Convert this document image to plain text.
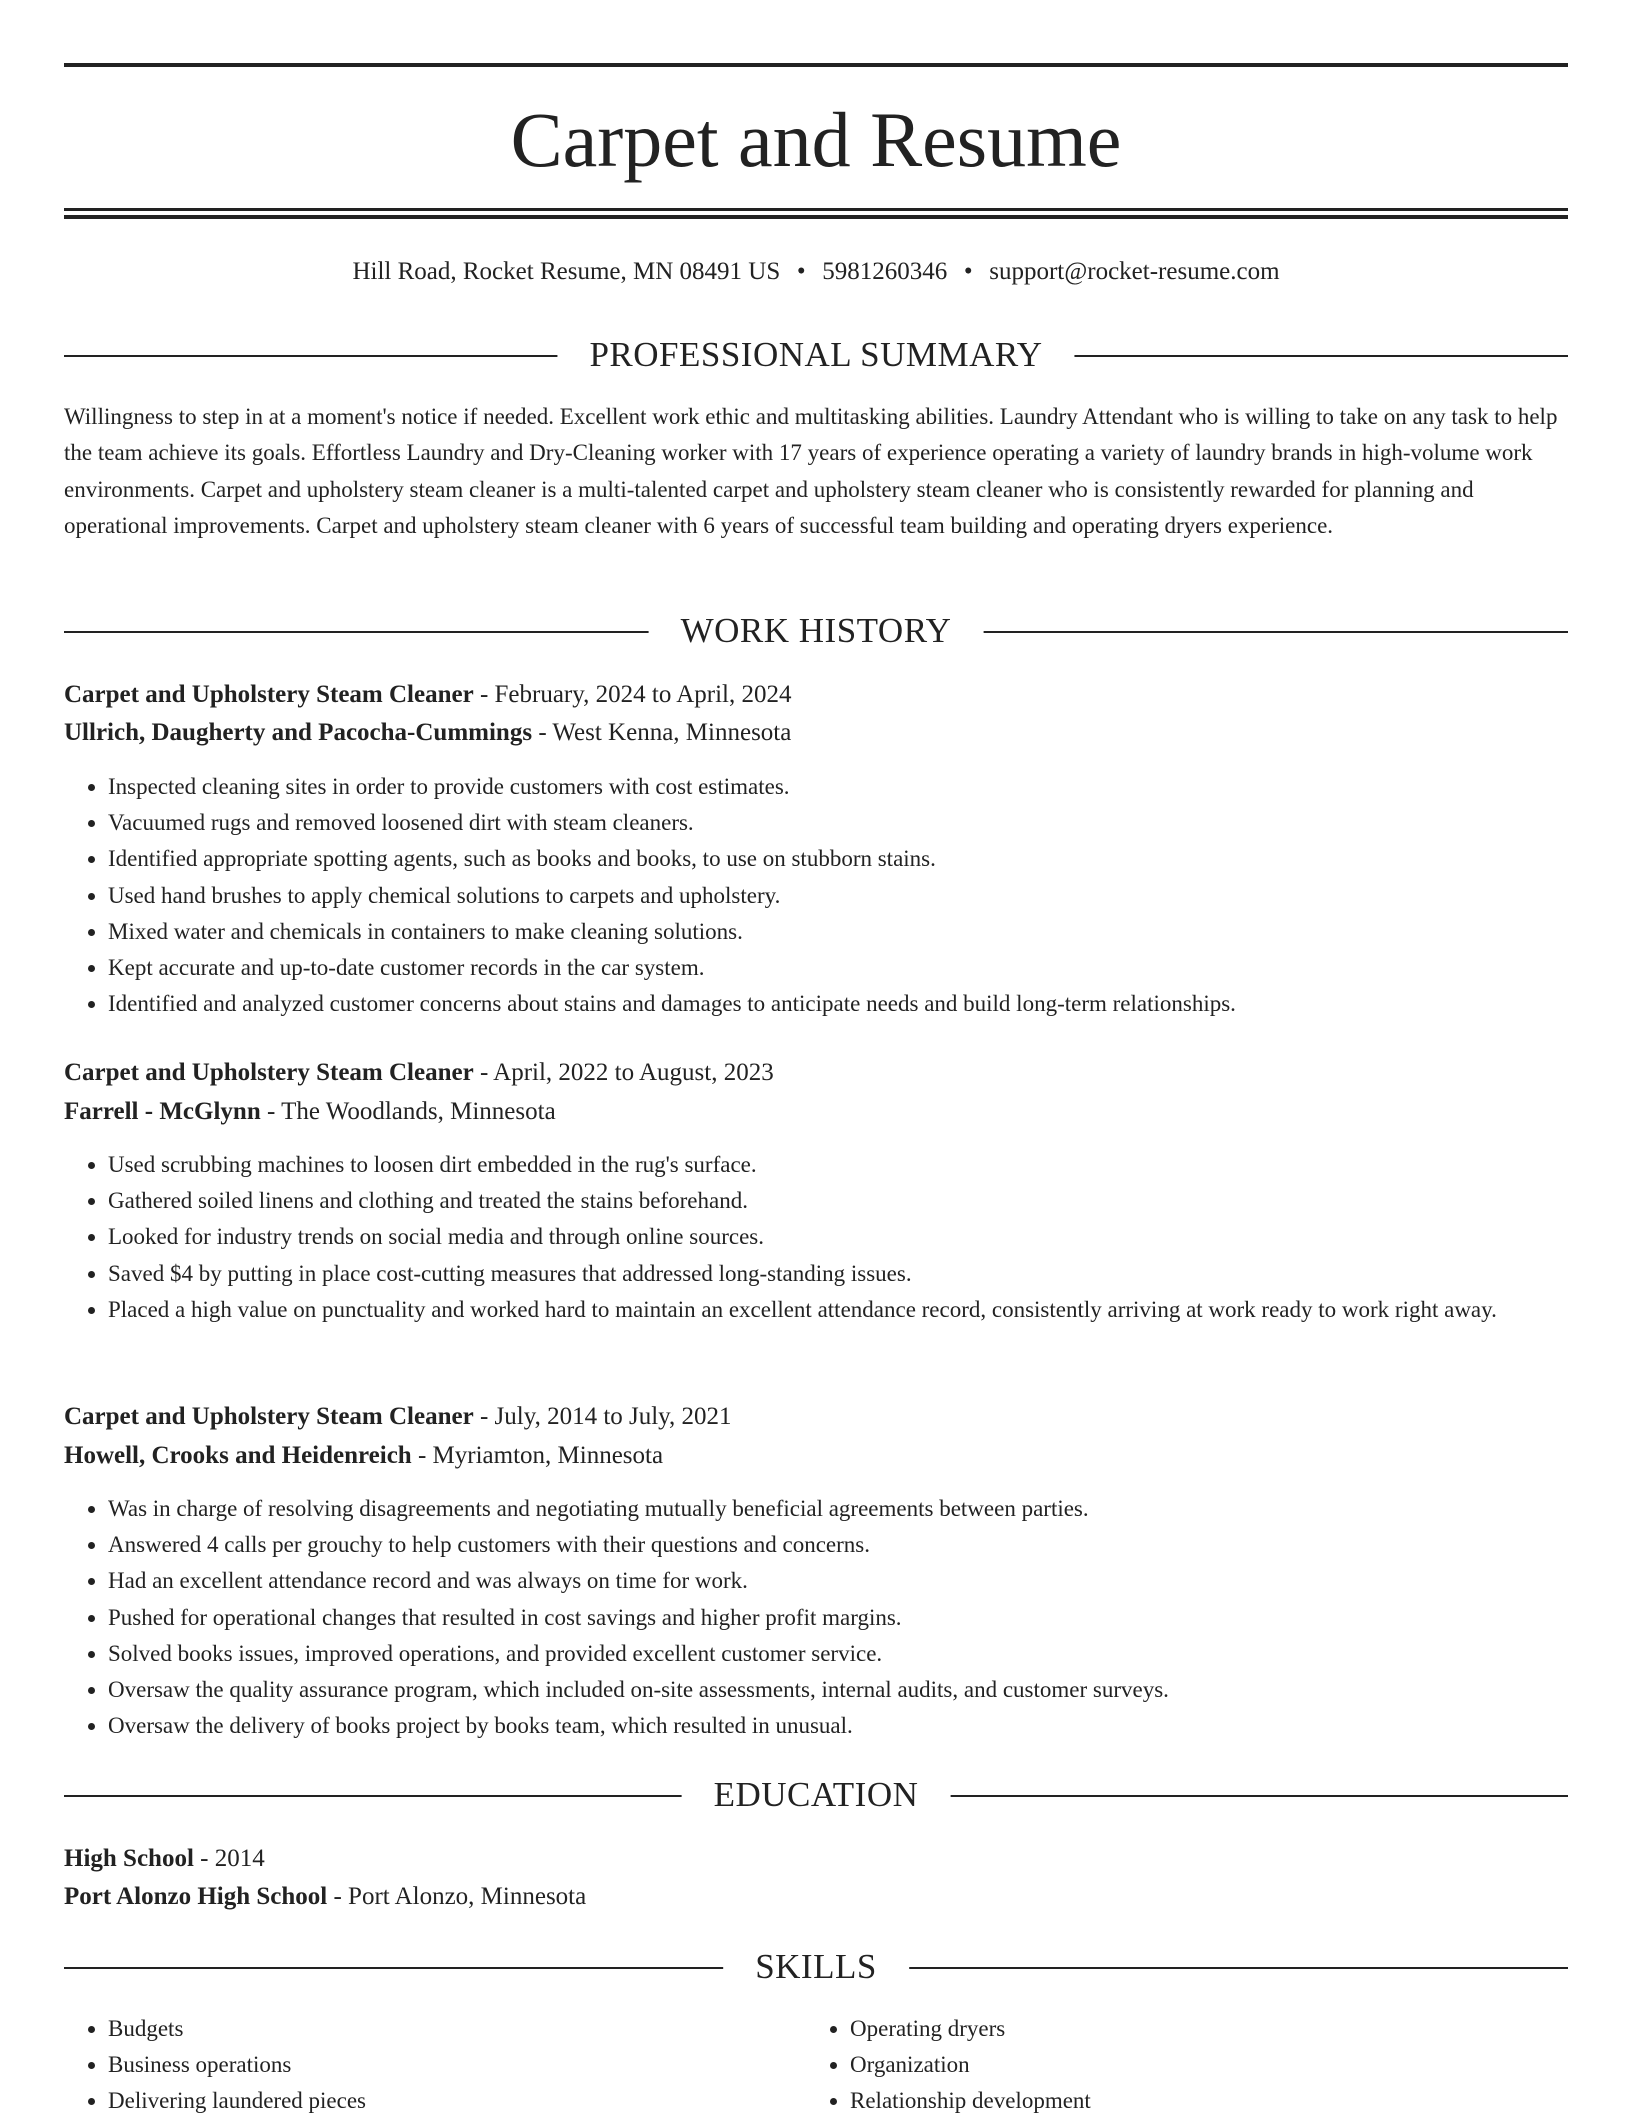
Carpet and Resume
Hill Road, Rocket Resume, MN 08491 US • 5981260346 • support@rocket-resume.com
PROFESSIONAL SUMMARY

Willingness to step in at a moment's notice if needed. Excellent work ethic and multitasking abilities. Laundry Attendant who is willing to take on any task to help the team achieve its goals. Effortless Laundry and Dry-Cleaning worker with 17 years of experience operating a variety of laundry brands in high-volume work environments. Carpet and upholstery steam cleaner is a multi-talented carpet and upholstery steam cleaner who is consistently rewarded for planning and operational improvements. Carpet and upholstery steam cleaner with 6 years of successful team building and operating dryers experience.

WORK HISTORY
Carpet and Upholstery Steam Cleaner - February, 2024 to April, 2024
Ullrich, Daugherty and Pacocha-Cummings - West Kenna, Minnesota
• Inspected cleaning sites in order to provide customers with cost estimates.
• Vacuumed rugs and removed loosened dirt with steam cleaners.
• Identified appropriate spotting agents, such as books and books, to use on stubborn stains.
• Used hand brushes to apply chemical solutions to carpets and upholstery.
• Mixed water and chemicals in containers to make cleaning solutions.
• Kept accurate and up-to-date customer records in the car system.
• Identified and analyzed customer concerns about stains and damages to anticipate needs and build long-term relationships.
Carpet and Upholstery Steam Cleaner - April, 2022 to August, 2023
Farrell - McGlynn - The Woodlands, Minnesota
• Used scrubbing machines to loosen dirt embedded in the rug's surface.
• Gathered soiled linens and clothing and treated the stains beforehand.
• Looked for industry trends on social media and through online sources.
• Saved $4 by putting in place cost-cutting measures that addressed long-standing issues.
• Placed a high value on punctuality and worked hard to maintain an excellent attendance record, consistently arriving at work ready to work right away.
Carpet and Upholstery Steam Cleaner - July, 2014 to July, 2021
Howell, Crooks and Heidenreich - Myriamton, Minnesota
• Was in charge of resolving disagreements and negotiating mutually beneficial agreements between parties.
• Answered 4 calls per grouchy to help customers with their questions and concerns.
• Had an excellent attendance record and was always on time for work.
• Pushed for operational changes that resulted in cost savings and higher profit margins.
• Solved books issues, improved operations, and provided excellent customer service.
• Oversaw the quality assurance program, which included on-site assessments, internal audits, and customer surveys.
• Oversaw the delivery of books project by books team, which resulted in unusual.
EDUCATION
High School - 2014
Port Alonzo High School - Port Alonzo, Minnesota
SKILLS
• Budgets
• Business operations
• Delivering laundered pieces
• Operating dryers
• Organization
• Relationship development
